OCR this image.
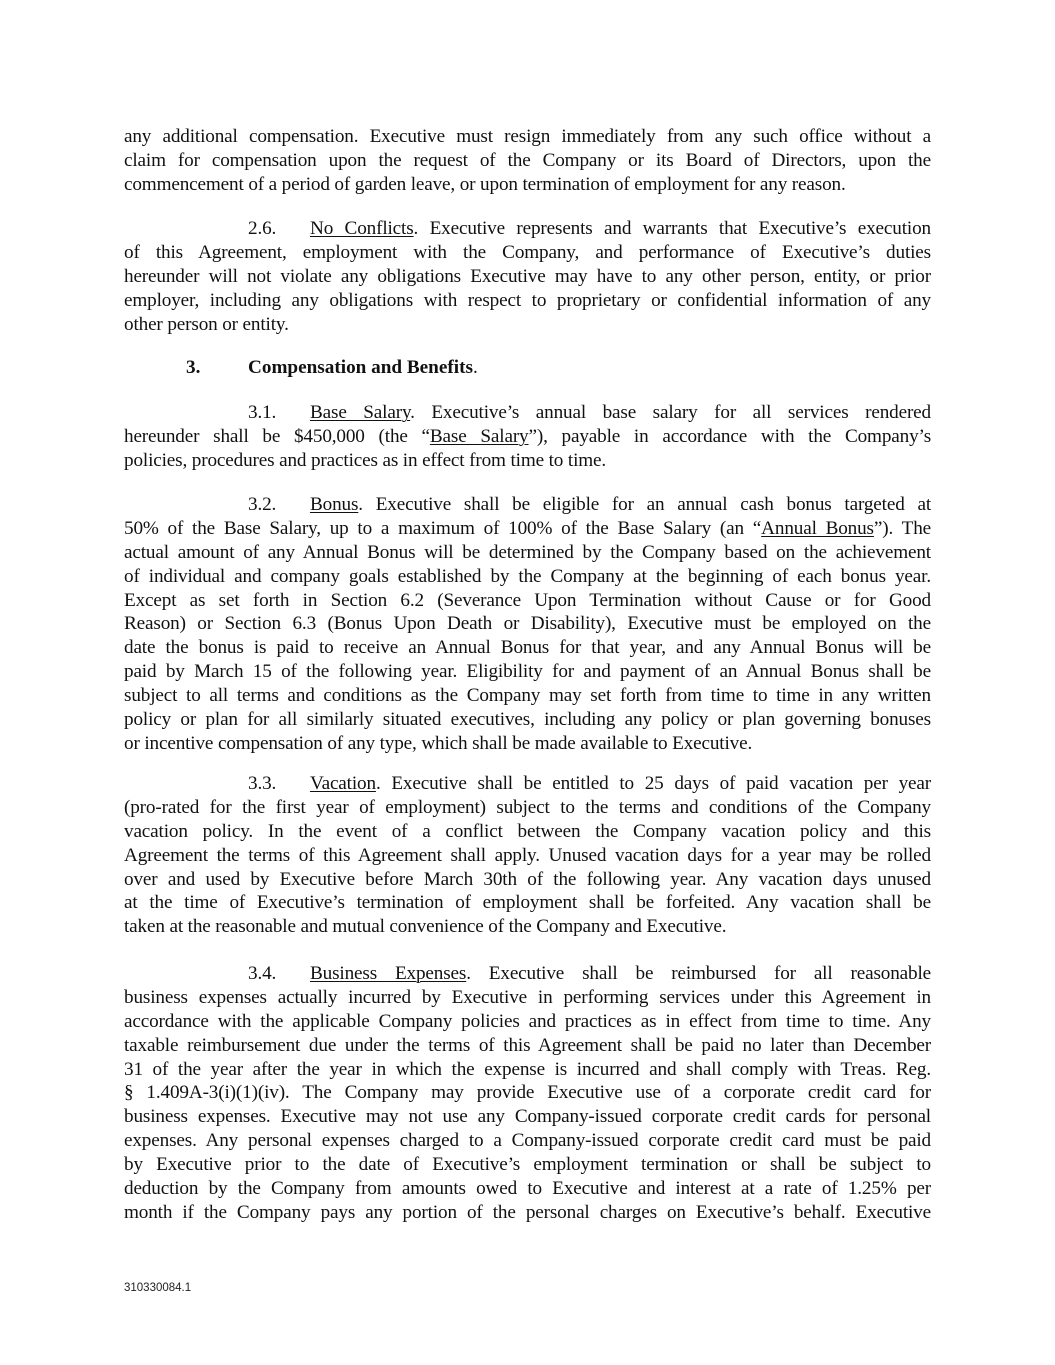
any additional compensation. Executive must resign immediately from any such office without a
claim for compensation upon the request of the Company or its Board of Directors, upon the
commencement of a period of garden leave, or upon termination of employment for any reason.
2.6. No Conflicts. Executive represents and warrants that Executive’s execution
of this Agreement, employment with the Company, and performance of Executive’s duties
hereunder will not violate any obligations Executive may have to any other person, entity, or prior
employer, including any obligations with respect to proprietary or confidential information of any
other person or entity.
3. Compensation and Benefits.
3.1. Base Salary. Executive’s annual base salary for all services rendered
hereunder shall be $450,000 (the “Base Salary”), payable in accordance with the Company’s
policies, procedures and practices as in effect from time to time.
3.2. Bonus. Executive shall be eligible for an annual cash bonus targeted at
50% of the Base Salary, up to a maximum of 100% of the Base Salary (an “Annual Bonus”). The
actual amount of any Annual Bonus will be determined by the Company based on the achievement
of individual and company goals established by the Company at the beginning of each bonus year.
Except as set forth in Section 6.2 (Severance Upon Termination without Cause or for Good
Reason) or Section 6.3 (Bonus Upon Death or Disability), Executive must be employed on the
date the bonus is paid to receive an Annual Bonus for that year, and any Annual Bonus will be
paid by March 15 of the following year. Eligibility for and payment of an Annual Bonus shall be
subject to all terms and conditions as the Company may set forth from time to time in any written
policy or plan for all similarly situated executives, including any policy or plan governing bonuses
or incentive compensation of any type, which shall be made available to Executive.
3.3. Vacation. Executive shall be entitled to 25 days of paid vacation per year
(pro-rated for the first year of employment) subject to the terms and conditions of the Company
vacation policy. In the event of a conflict between the Company vacation policy and this
Agreement the terms of this Agreement shall apply. Unused vacation days for a year may be rolled
over and used by Executive before March 30th of the following year. Any vacation days unused
at the time of Executive’s termination of employment shall be forfeited. Any vacation shall be
taken at the reasonable and mutual convenience of the Company and Executive.
3.4. Business Expenses. Executive shall be reimbursed for all reasonable
business expenses actually incurred by Executive in performing services under this Agreement in
accordance with the applicable Company policies and practices as in effect from time to time. Any
taxable reimbursement due under the terms of this Agreement shall be paid no later than December
31 of the year after the year in which the expense is incurred and shall comply with Treas. Reg.
§ 1.409A-3(i)(1)(iv). The Company may provide Executive use of a corporate credit card for
business expenses. Executive may not use any Company-issued corporate credit cards for personal
expenses. Any personal expenses charged to a Company-issued corporate credit card must be paid
by Executive prior to the date of Executive’s employment termination or shall be subject to
deduction by the Company from amounts owed to Executive and interest at a rate of 1.25% per
month if the Company pays any portion of the personal charges on Executive’s behalf. Executive
310330084.1
